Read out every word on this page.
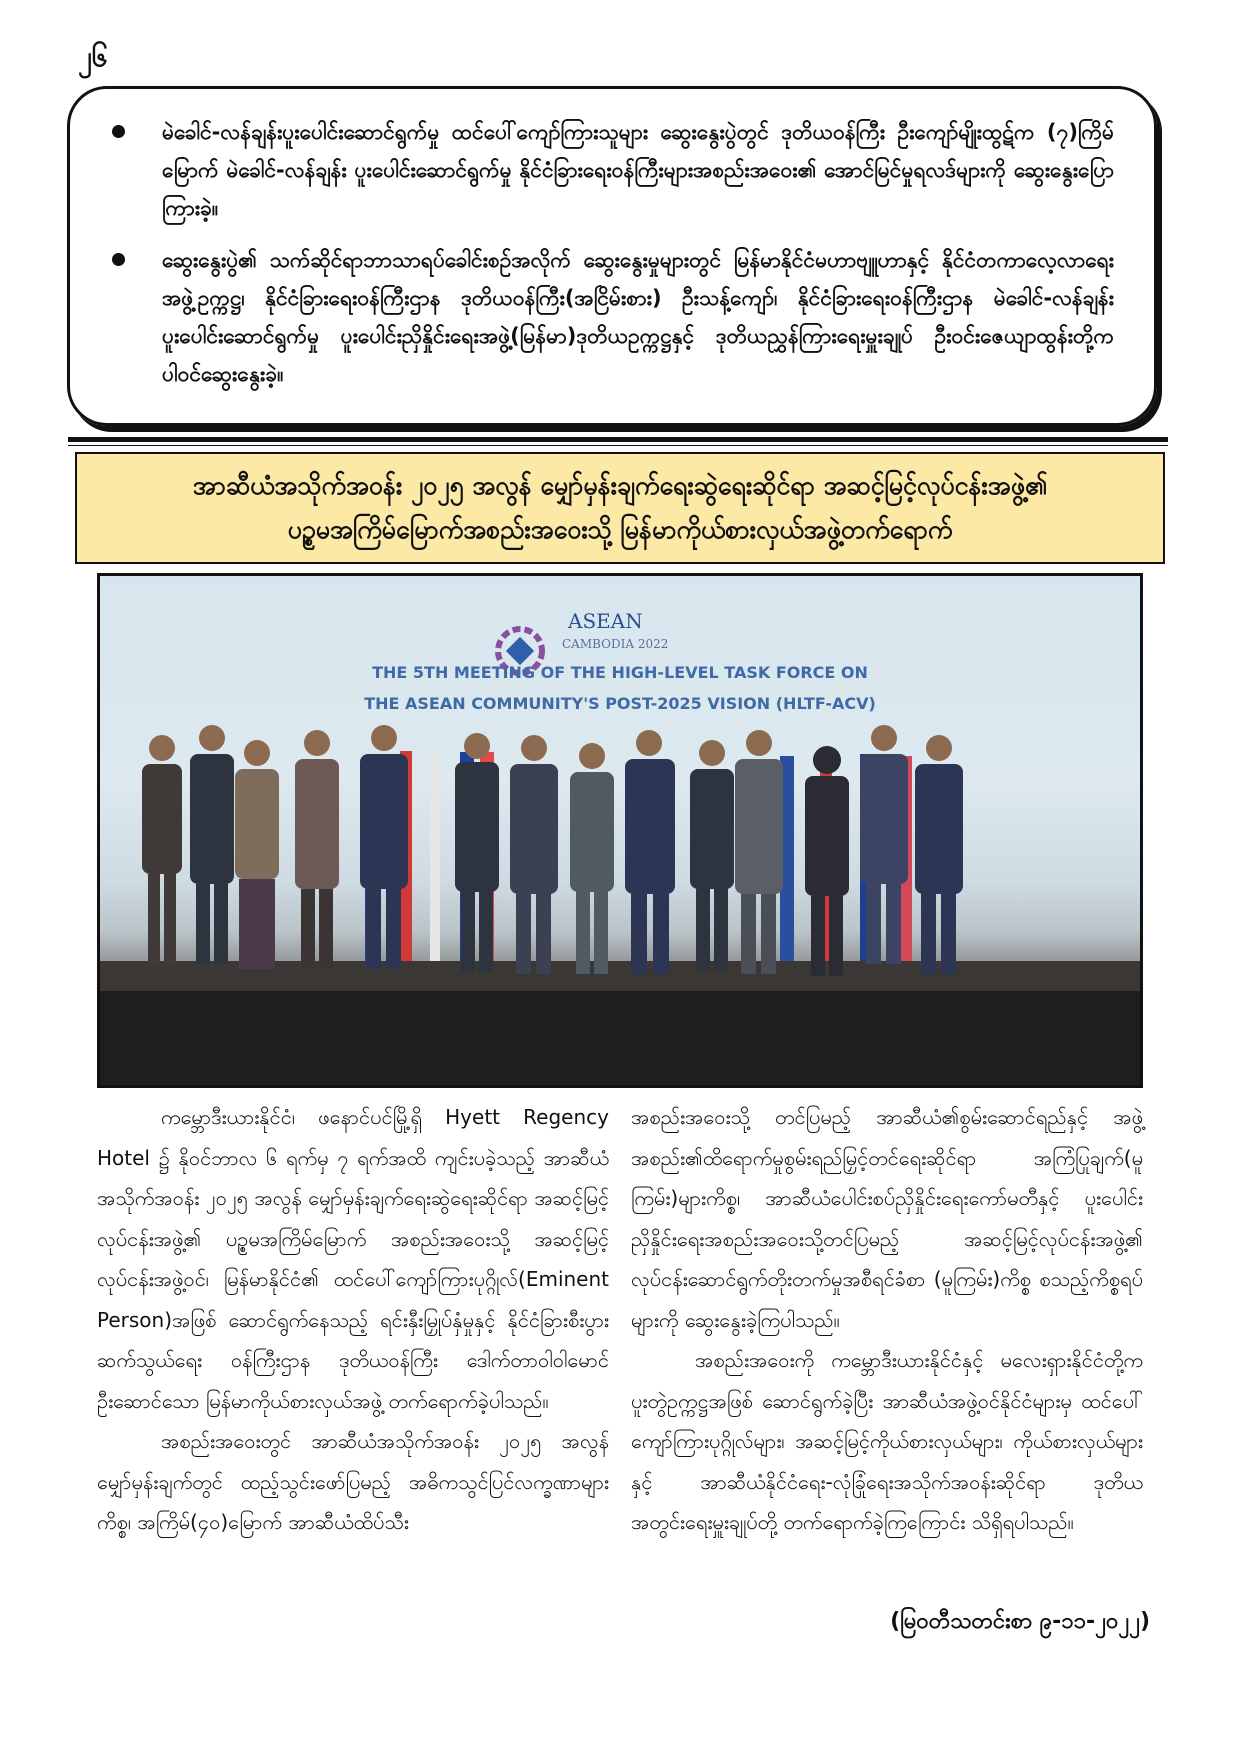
၂၆
မဲခေါင်-လန်ချန်းပူးပေါင်းဆောင်ရွက်မှု ထင်ပေါ်ကျော်ကြားသူများ ဆွေးနွေးပွဲတွင် ဒုတိယဝန်ကြီး ဦးကျော်မျိုးထွဋ်က (၇)ကြိမ်မြောက် မဲခေါင်-လန်ချန်း ပူးပေါင်းဆောင်ရွက်မှု နိုင်ငံခြားရေးဝန်ကြီးများအစည်းအဝေး၏ အောင်မြင်မှုရလဒ်များကို ဆွေးနွေးပြောကြားခဲ့။
ဆွေးနွေးပွဲ၏ သက်ဆိုင်ရာဘာသာရပ်ခေါင်းစဉ်အလိုက် ဆွေးနွေးမှုများတွင် မြန်မာနိုင်ငံမဟာဗျူဟာနှင့် နိုင်ငံတကာလေ့လာရေးအဖွဲ့ဥက္ကဋ္ဌ၊ နိုင်ငံခြားရေးဝန်ကြီးဌာန ဒုတိယဝန်ကြီး(အငြိမ်းစား) ဦးသန့်ကျော်၊ နိုင်ငံခြားရေးဝန်ကြီးဌာန မဲခေါင်-လန်ချန်း ပူးပေါင်းဆောင်ရွက်မှု ပူးပေါင်းညှိနှိုင်းရေးအဖွဲ့(မြန်မာ)ဒုတိယဥက္ကဋ္ဌနှင့် ဒုတိယညွှန်ကြားရေးမှူးချုပ် ဦးဝင်းဇေယျာထွန်းတို့က ပါဝင်ဆွေးနွေးခဲ့။
အာဆီယံအသိုက်အဝန်း ၂၀၂၅ အလွန် မျှော်မှန်းချက်ရေးဆွဲရေးဆိုင်ရာ အဆင့်မြင့်လုပ်ငန်းအဖွဲ့၏
ပဉ္စမအကြိမ်မြောက်အစည်းအဝေးသို့ မြန်မာကိုယ်စားလှယ်အဖွဲ့တက်ရောက်
ASEAN
CAMBODIA 2022
THE 5TH MEETING OF THE HIGH-LEVEL TASK FORCE ON
THE ASEAN COMMUNITY'S POST-2025 VISION (HLTF-ACV)

ကမ္ဘောဒီးယားနိုင်ငံ၊ ဖနောင်ပင်မြို့ရှိ Hyett Regency Hotel ၌ နိုဝင်ဘာလ ၆ ရက်မှ ၇ ရက်အထိ ကျင်းပခဲ့သည့် အာဆီယံအသိုက်အဝန်း ၂၀၂၅ အလွန် မျှော်မှန်းချက်ရေးဆွဲရေးဆိုင်ရာ အဆင့်မြင့်လုပ်ငန်းအဖွဲ့၏ ပဉ္စမအကြိမ်မြောက် အစည်းအဝေးသို့ အဆင့်မြင့်လုပ်ငန်းအဖွဲ့ဝင်၊ မြန်မာနိုင်ငံ၏ ထင်ပေါ်ကျော်ကြားပုဂ္ဂိုလ်(Eminent Person)အဖြစ် ဆောင်ရွက်နေသည့် ရင်းနှီးမြှုပ်နှံမှုနှင့် နိုင်ငံခြားစီးပွားဆက်သွယ်ရေး ဝန်ကြီးဌာန ဒုတိယဝန်ကြီး ဒေါက်တာဝါဝါမောင် ဦးဆောင်သော မြန်မာကိုယ်စားလှယ်အဖွဲ့ တက်ရောက်ခဲ့ပါသည်။

အစည်းအဝေးတွင် အာဆီယံအသိုက်အဝန်း ၂၀၂၅ အလွန် မျှော်မှန်းချက်တွင် ထည့်သွင်းဖော်ပြမည့် အဓိကသွင်ပြင်လက္ခဏာများကိစ္စ၊ အကြိမ်(၄၀)မြောက် အာဆီယံထိပ်သီး

အစည်းအဝေးသို့ တင်ပြမည့် အာဆီယံ၏စွမ်းဆောင်ရည်နှင့် အဖွဲ့အစည်း၏ထိရောက်မှုစွမ်းရည်မြှင့်တင်ရေးဆိုင်ရာ အကြံပြုချက်(မူကြမ်း)များကိစ္စ၊ အာဆီယံပေါင်းစပ်ညှိနှိုင်းရေးကော်မတီနှင့် ပူးပေါင်းညှိနှိုင်းရေးအစည်းအဝေးသို့တင်ပြမည့် အဆင့်မြင့်လုပ်ငန်းအဖွဲ့၏ လုပ်ငန်းဆောင်ရွက်တိုးတက်မှုအစီရင်ခံစာ (မူကြမ်း)ကိစ္စ စသည့်ကိစ္စရပ်များကို ဆွေးနွေးခဲ့ကြပါသည်။

အစည်းအဝေးကို ကမ္ဘောဒီးယားနိုင်ငံနှင့် မလေးရှားနိုင်ငံတို့က ပူးတွဲဥက္ကဋ္ဌအဖြစ် ဆောင်ရွက်ခဲ့ပြီး အာဆီယံအဖွဲ့ဝင်နိုင်ငံများမှ ထင်ပေါ်ကျော်ကြားပုဂ္ဂိုလ်များ၊ အဆင့်မြင့်ကိုယ်စားလှယ်များ၊ ကိုယ်စားလှယ်များနှင့် အာဆီယံနိုင်ငံရေး-လုံခြုံရေးအသိုက်အဝန်းဆိုင်ရာ ဒုတိယအတွင်းရေးမှူးချုပ်တို့ တက်ရောက်ခဲ့ကြကြောင်း သိရှိရပါသည်။

(မြဝတီသတင်းစာ ၉-၁၁-၂၀၂၂)
